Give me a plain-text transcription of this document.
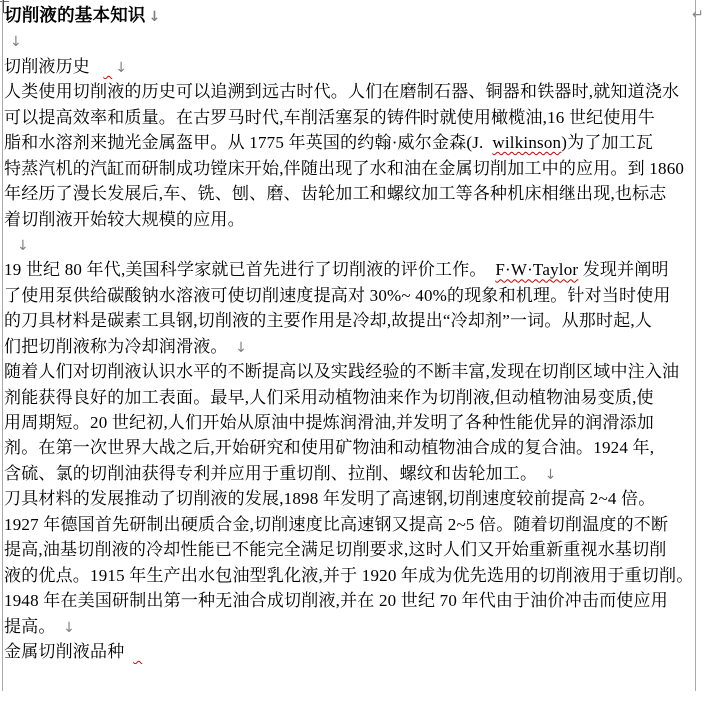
↵
切削液的基本知识 ↓
↓
切削液历史 ↓
人类使用切削液的历史可以追溯到远古时代。人们在磨制石器、铜器和铁器时,就知道浇水
可以提高效率和质量。在古罗马时代,车削活塞泵的铸件时就使用橄榄油,16 世纪使用牛
脂和水溶剂来抛光金属盔甲。从 1775 年英国的约翰·威尔金森(J.  wilkinson)为了加工瓦
特蒸汽机的汽缸而研制成功镗床开始,伴随出现了水和油在金属切削加工中的应用。到 1860
年经历了漫长发展后,车、铣、刨、磨、齿轮加工和螺纹加工等各种机床相继出现,也标志
着切削液开始较大规模的应用。
↓
19 世纪 80 年代,美国科学家就已首先进行了切削液的评价工作。　F·W·Taylor 发现并阐明
了使用泵供给碳酸钠水溶液可使切削速度提高对 30%~ 40%的现象和机理。针对当时使用
的刀具材料是碳素工具钢,切削液的主要作用是冷却,故提出“冷却剂”一词。从那时起,人
们把切削液称为冷却润滑液。 ↓
随着人们对切削液认识水平的不断提高以及实践经验的不断丰富,发现在切削区域中注入油
剂能获得良好的加工表面。最早,人们采用动植物油来作为切削液,但动植物油易变质,使
用周期短。20 世纪初,人们开始从原油中提炼润滑油,并发明了各种性能优异的润滑添加
剂。在第一次世界大战之后,开始研究和使用矿物油和动植物油合成的复合油。1924 年,
含硫、氯的切削油获得专利并应用于重切削、拉削、螺纹和齿轮加工。 ↓
刀具材料的发展推动了切削液的发展,1898 年发明了高速钢,切削速度较前提高 2~4 倍。
1927 年德国首先研制出硬质合金,切削速度比高速钢又提高 2~5 倍。随着切削温度的不断
提高,油基切削液的冷却性能已不能完全满足切削要求,这时人们又开始重新重视水基切削
液的优点。1915 年生产出水包油型乳化液,并于 1920 年成为优先选用的切削液用于重切削。
1948 年在美国研制出第一种无油合成切削液,并在 20 世纪 70 年代由于油价冲击而使应用
提高。 ↓
金属切削液品种
